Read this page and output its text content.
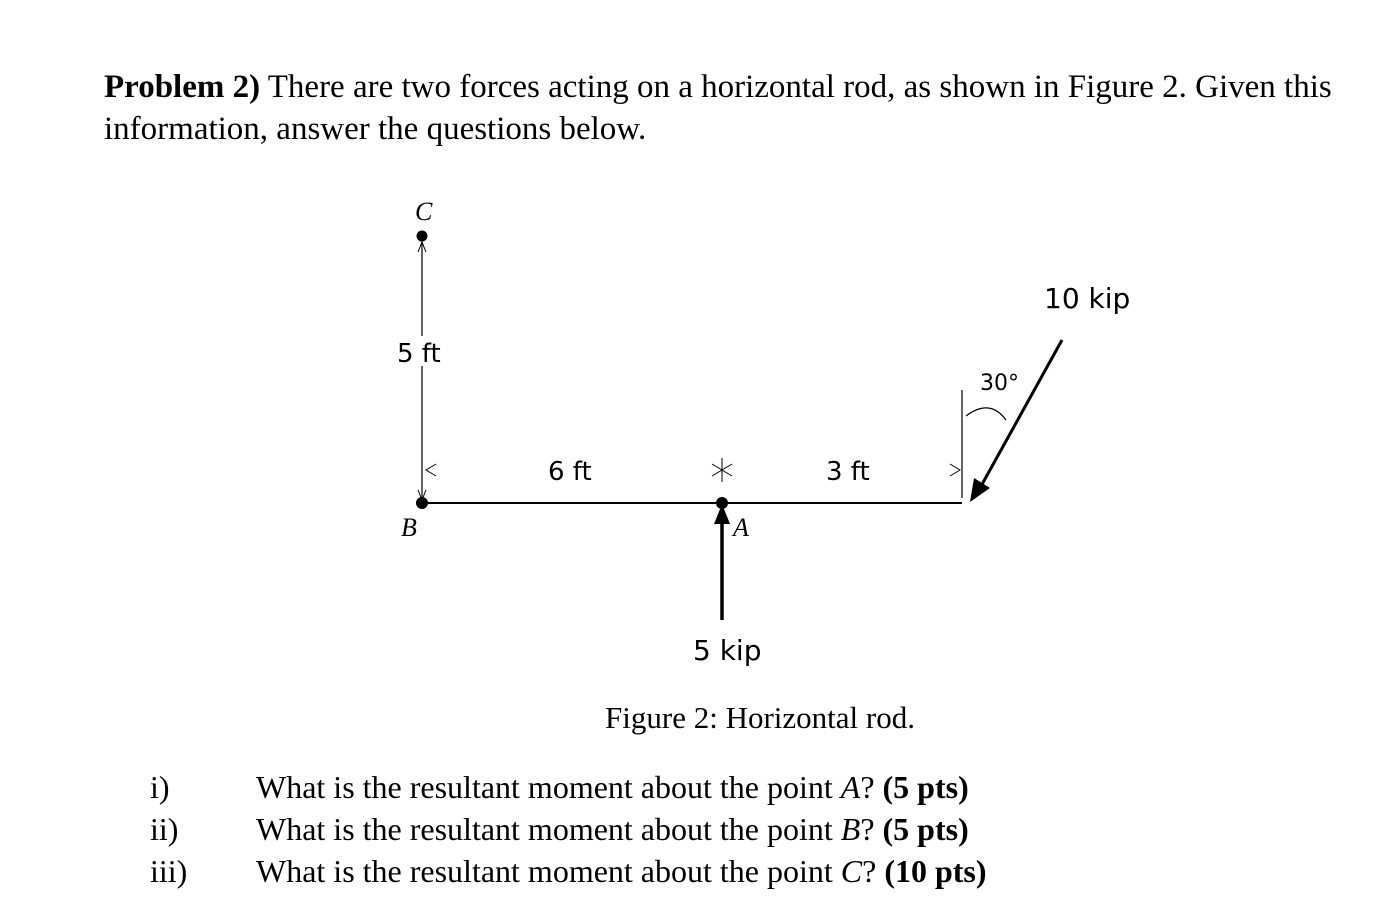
Problem 2) There are two forces acting on a horizontal rod, as shown in Figure 2. Given this information, answer the questions below.

C
5 ft
B	A
6 ft	3 ft
30°
10 kip
5 kip

Figure 2: Horizontal rod.

i)	What is the resultant moment about the point A? (5 pts)
ii)	What is the resultant moment about the point B? (5 pts)
iii)	What is the resultant moment about the point C? (10 pts)
